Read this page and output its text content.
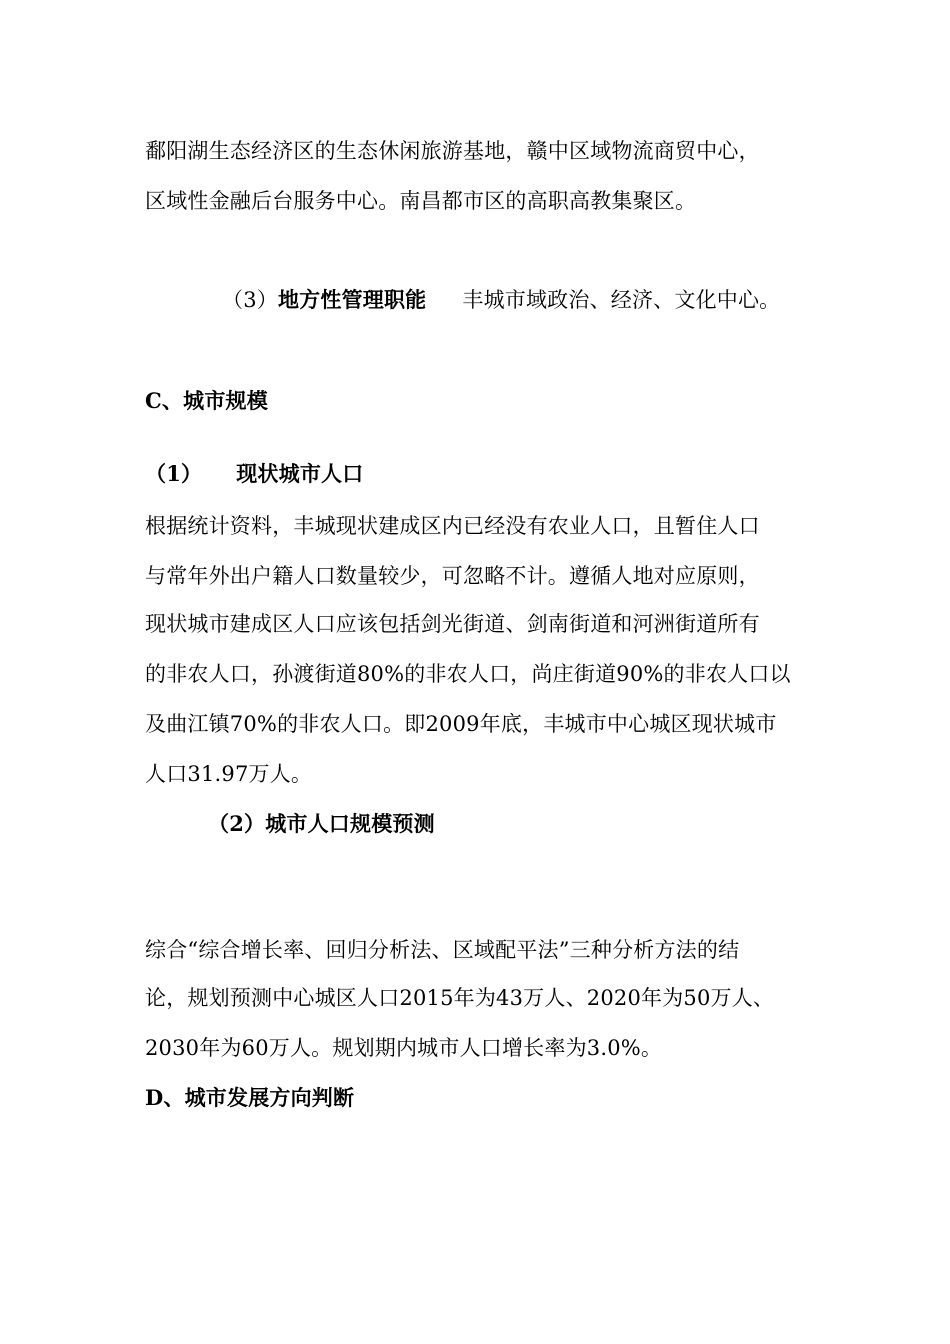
鄱阳湖生态经济区的生态休闲旅游基地，赣中区域物流商贸中心，
区域性金融后台服务中心。南昌都市区的高职高教集聚区。
（3）地方性管理职能 丰城市域政治、经济、文化中心。
C、城市规模
（1） 现状城市人口
根据统计资料，丰城现状建成区内已经没有农业人口，且暂住人口
与常年外出户籍人口数量较少，可忽略不计。遵循人地对应原则，
现状城市建成区人口应该包括剑光街道、剑南街道和河洲街道所有
的非农人口，孙渡街道80%的非农人口，尚庄街道90%的非农人口以
及曲江镇70%的非农人口。即2009年底，丰城市中心城区现状城市
人口31.97万人。
（2）城市人口规模预测
综合“综合增长率、回归分析法、区域配平法”三种分析方法的结
论，规划预测中心城区人口2015年为43万人、2020年为50万人、
2030年为60万人。规划期内城市人口增长率为3.0%。
D、城市发展方向判断
